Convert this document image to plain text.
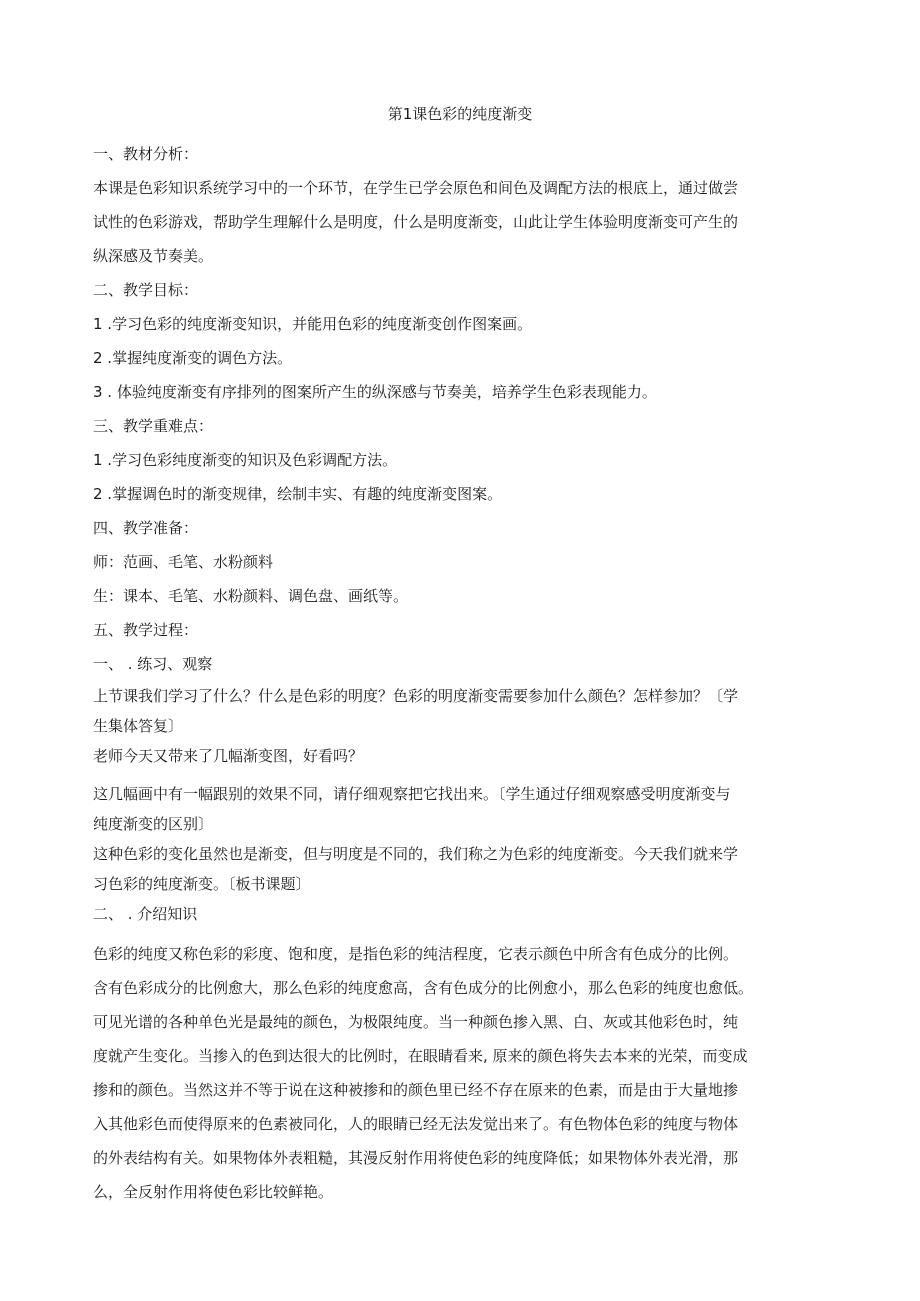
第1课色彩的纯度渐变
一、教材分析：
本课是色彩知识系统学习中的一个环节，在学生已学会原色和间色及调配方法的根底上，通过做尝
试性的色彩游戏，帮助学生理解什么是明度，什么是明度渐变，山此让学生体验明度渐变可产生的
纵深感及节奏美。
二、教学目标：
1 .学习色彩的纯度渐变知识，并能用色彩的纯度渐变创作图案画。
2 .掌握纯度渐变的调色方法。
3 . 体验纯度渐变有序排列的图案所产生的纵深感与节奏美，培养学生色彩表现能力。
三、教学重难点：
1 .学习色彩纯度渐变的知识及色彩调配方法。
2 .掌握调色时的渐变规律，绘制丰实、有趣的纯度渐变图案。
四、教学准备：
师：范画、毛笔、水粉颜料
生：课本、毛笔、水粉颜料、调色盘、画纸等。
五、教学过程：
一、 . 练习、观察
上节课我们学习了什么？什么是色彩的明度？色彩的明度渐变需要参加什么颜色？怎样参加？〔学
生集体答复〕
老师今天又带来了几幅渐变图，好看吗？
这几幅画中有一幅跟别的效果不同，请仔细观察把它找出来。〔学生通过仔细观察感受明度渐变与
纯度渐变的区别〕
这种色彩的变化虽然也是渐变，但与明度是不同的，我们称之为色彩的纯度渐变。今天我们就来学
习色彩的纯度渐变。〔板书课题〕
二、 . 介绍知识
色彩的纯度又称色彩的彩度、饱和度，是指色彩的纯洁程度，它表示颜色中所含有色成分的比例。
含有色彩成分的比例愈大，那么色彩的纯度愈高，含有色成分的比例愈小，那么色彩的纯度也愈低。
可见光谱的各种单色光是最纯的颜色，为极限纯度。当一种颜色掺入黑、白、灰或其他彩色时，纯
度就产生变化。当掺入的色到达很大的比例时，在眼睛看来, 原来的颜色将失去本来的光荣，而变成
掺和的颜色。当然这并不等于说在这种被掺和的颜色里已经不存在原来的色素，而是由于大量地掺
入其他彩色而使得原来的色素被同化，人的眼睛已经无法发觉出来了。有色物体色彩的纯度与物体
的外表结构有关。如果物体外表粗糙，其漫反射作用将使色彩的纯度降低；如果物体外表光滑，那
么，全反射作用将使色彩比较鲜艳。
